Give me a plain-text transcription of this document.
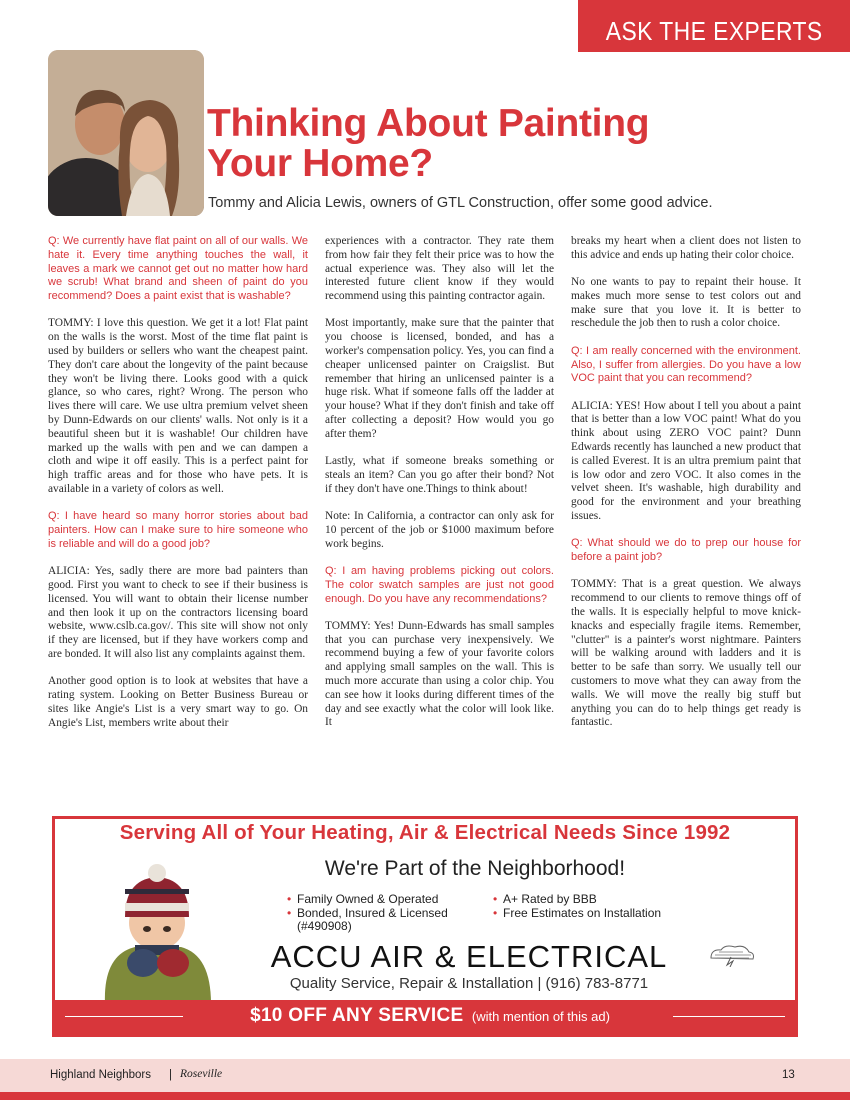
ASK THE EXPERTS
Thinking About Painting Your Home?
Tommy and Alicia Lewis, owners of GTL Construction, offer some good advice.

Q: We currently have flat paint on all of our walls. We hate it. Every time anything touches the wall, it leaves a mark we cannot get out no matter how hard we scrub! What brand and sheen of paint do you recommend? Does a paint exist that is washable?

TOMMY: I love this question. We get it a lot! Flat paint on the walls is the worst. Most of the time flat paint is used by builders or sellers who want the cheapest paint. They don't care about the longevity of the paint because they won't be living there. Looks good with a quick glance, so who cares, right? Wrong. The person who lives there will care. We use ultra premium velvet sheen by Dunn-Edwards on our clients' walls. Not only is it a beautiful sheen but it is washable! Our children have marked up the walls with pen and we can dampen a cloth and wipe it off easily. This is a perfect paint for high traffic areas and for those who have pets. It is available in a variety of colors as well.

Q: I have heard so many horror stories about bad painters. How can I make sure to hire someone who is reliable and will do a good job?

ALICIA: Yes, sadly there are more bad painters than good. First you want to check to see if their business is licensed. You will want to obtain their license number and then look it up on the contractors licensing board website, www.cslb.ca.gov/. This site will show not only if they are licensed, but if they have workers comp and are bonded. It will also list any complaints against them.

Another good option is to look at websites that have a rating system. Looking on Better Business Bureau or sites like Angie's List is a very smart way to go. On Angie's List, members write about their

experiences with a contractor. They rate them from how fair they felt their price was to how the actual experience was. They also will let the interested future client know if they would recommend using this painting contractor again.

Most importantly, make sure that the painter that you choose is licensed, bonded, and has a worker's compensation policy. Yes, you can find a cheaper unlicensed painter on Craigslist. But remember that hiring an unlicensed painter is a huge risk. What if someone falls off the ladder at your house? What if they don't finish and take off after collecting a deposit? How would you go after them?

Lastly, what if someone breaks something or steals an item? Can you go after their bond? Not if they don't have one.Things to think about!

Note: In California, a contractor can only ask for 10 percent of the job or $1000 maximum before work begins.

Q: I am having problems picking out colors. The color swatch samples are just not good enough. Do you have any recommendations?

TOMMY: Yes! Dunn-Edwards has small samples that you can purchase very inexpensively. We recommend buying a few of your favorite colors and applying small samples on the wall. This is much more accurate than using a color chip. You can see how it looks during different times of the day and see exactly what the color will look like. It

breaks my heart when a client does not listen to this advice and ends up hating their color choice.

No one wants to pay to repaint their house. It makes much more sense to test colors out and make sure that you love it. It is better to reschedule the job then to rush a color choice.

Q: I am really concerned with the environment. Also, I suffer from allergies. Do you have a low VOC paint that you can recommend?

ALICIA: YES! How about I tell you about a paint that is better than a low VOC paint! What do you think about using ZERO VOC paint? Dunn Edwards recently has launched a new product that is called Everest. It is an ultra premium paint that is low odor and zero VOC. It also comes in the velvet sheen. It's washable, high durability and good for the environment and your breathing issues.

Q: What should we do to prep our house for before a paint job?

TOMMY: That is a great question. We always recommend to our clients to remove things off of the walls. It is especially helpful to move knick-knacks and especially fragile items. Remember, "clutter" is a painter's worst nightmare. Painters will be walking around with ladders and it is better to be safe than sorry. We usually tell our customers to move what they can away from the walls. We will move the really big stuff but anything you can do to help things get ready is fantastic.

Serving All of Your Heating, Air & Electrical Needs Since 1992
We're Part of the Neighborhood!
• Family Owned & Operated
• Bonded, Insured & Licensed (#490908)
• A+ Rated by BBB
• Free Estimates on Installation
ACCU AIR & ELECTRICAL
Quality Service, Repair & Installation | (916) 783-8771
$10 OFF ANY SERVICE (with mention of this ad)
Highland Neighbors | Roseville	13
